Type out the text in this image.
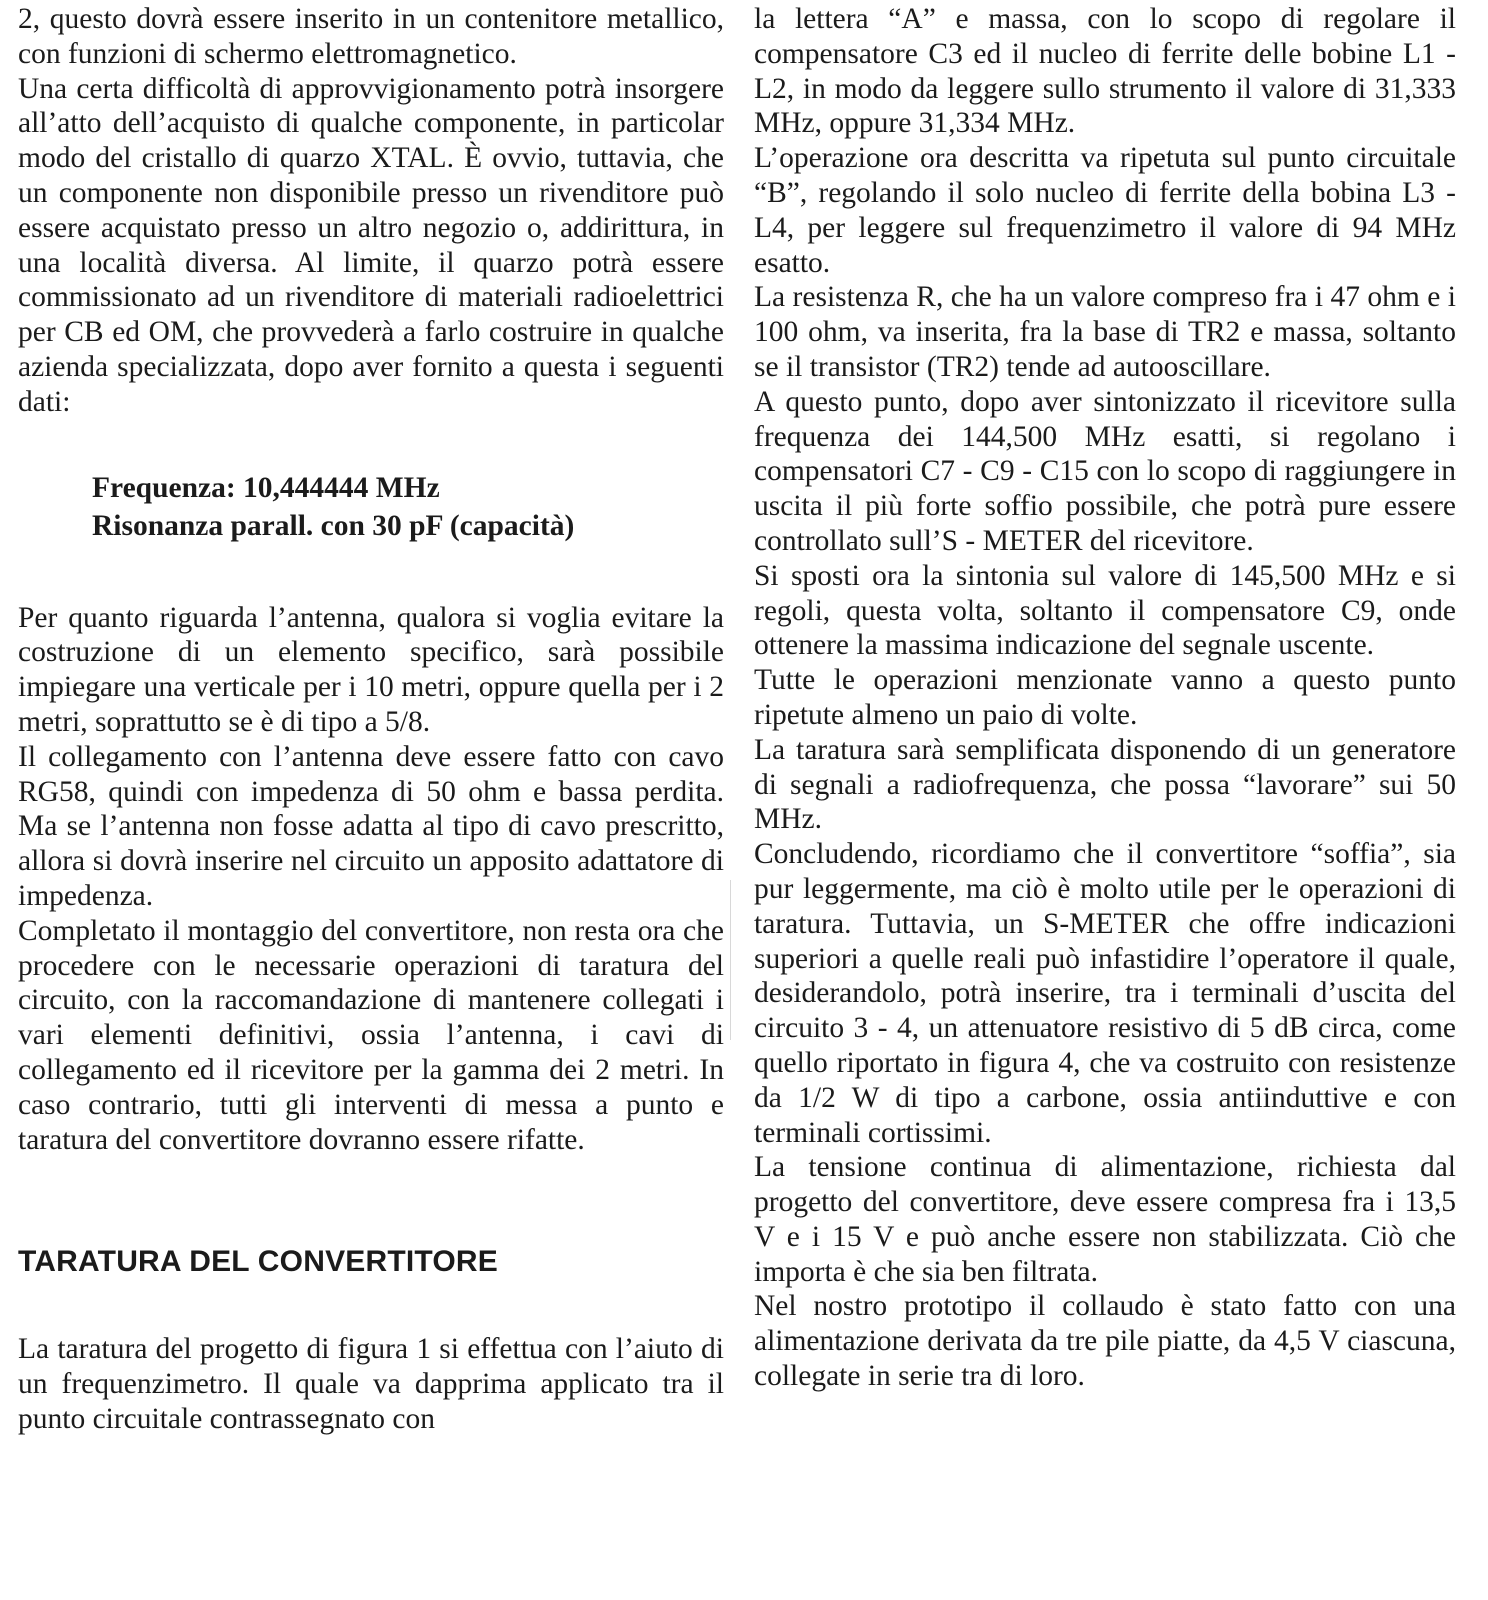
2, questo dovrà essere inserito in un contenitore metallico, con funzioni di schermo elettromagnetico.

Una certa difficoltà di approvvigionamento potrà insorgere all’atto dell’acquisto di qualche componente, in particolar modo del cristallo di quarzo XTAL. È ovvio, tuttavia, che un componente non disponibile presso un rivenditore può essere acquistato presso un altro negozio o, addirittura, in una località diversa. Al limite, il quarzo potrà essere commissionato ad un rivenditore di materiali radioelettrici per CB ed OM, che provvederà a farlo costruire in qualche azienda specializzata, dopo aver fornito a questa i seguenti dati:

Frequenza: 10,444444 MHz
Risonanza parall. con 30 pF (capacità)

Per quanto riguarda l’antenna, qualora si voglia evitare la costruzione di un elemento specifico, sarà possibile impiegare una verticale per i 10 metri, oppure quella per i 2 metri, soprattutto se è di tipo a 5/8.

Il collegamento con l’antenna deve essere fatto con cavo RG58, quindi con impedenza di 50 ohm e bassa perdita. Ma se l’antenna non fosse adatta al tipo di cavo prescritto, allora si dovrà inserire nel circuito un apposito adattatore di impedenza.

Completato il montaggio del convertitore, non resta ora che procedere con le necessarie operazioni di taratura del circuito, con la raccomandazione di mantenere collegati i vari elementi definitivi, ossia l’antenna, i cavi di collegamento ed il ricevitore per la gamma dei 2 metri. In caso contrario, tutti gli interventi di messa a punto e taratura del convertitore dovranno essere rifatte.

TARATURA DEL CONVERTITORE

La taratura del progetto di figura 1 si effettua con l’aiuto di un frequenzimetro. Il quale va dapprima applicato tra il punto circuitale contrassegnato con

la lettera “A” e massa, con lo scopo di regolare il compensatore C3 ed il nucleo di ferrite delle bobine L1 - L2, in modo da leggere sullo strumento il valore di 31,333 MHz, oppure 31,334 MHz.

L’operazione ora descritta va ripetuta sul punto circuitale “B”, regolando il solo nucleo di ferrite della bobina L3 - L4, per leggere sul frequenzimetro il valore di 94 MHz esatto.

La resistenza R, che ha un valore compreso fra i 47 ohm e i 100 ohm, va inserita, fra la base di TR2 e massa, soltanto se il transistor (TR2) tende ad autooscillare.

A questo punto, dopo aver sintonizzato il ricevitore sulla frequenza dei 144,500 MHz esatti, si regolano i compensatori C7 - C9 - C15 con lo scopo di raggiungere in uscita il più forte soffio possibile, che potrà pure essere controllato sull’S - METER del ricevitore.

Si sposti ora la sintonia sul valore di 145,500 MHz e si regoli, questa volta, soltanto il compensatore C9, onde ottenere la massima indicazione del segnale uscente.

Tutte le operazioni menzionate vanno a questo punto ripetute almeno un paio di volte.

La taratura sarà semplificata disponendo di un generatore di segnali a radiofrequenza, che possa “lavorare” sui 50 MHz.

Concludendo, ricordiamo che il convertitore “soffia”, sia pur leggermente, ma ciò è molto utile per le operazioni di taratura. Tuttavia, un S-METER che offre indicazioni superiori a quelle reali può infastidire l’operatore il quale, desiderandolo, potrà inserire, tra i terminali d’uscita del circuito 3 - 4, un attenuatore resistivo di 5 dB circa, come quello riportato in figura 4, che va costruito con resistenze da 1/2 W di tipo a carbone, ossia antiinduttive e con terminali cortissimi.

La tensione continua di alimentazione, richiesta dal progetto del convertitore, deve essere compresa fra i 13,5 V e i 15 V e può anche essere non stabilizzata. Ciò che importa è che sia ben filtrata.

Nel nostro prototipo il collaudo è stato fatto con una alimentazione derivata da tre pile piatte, da 4,5 V ciascuna, collegate in serie tra di loro.
